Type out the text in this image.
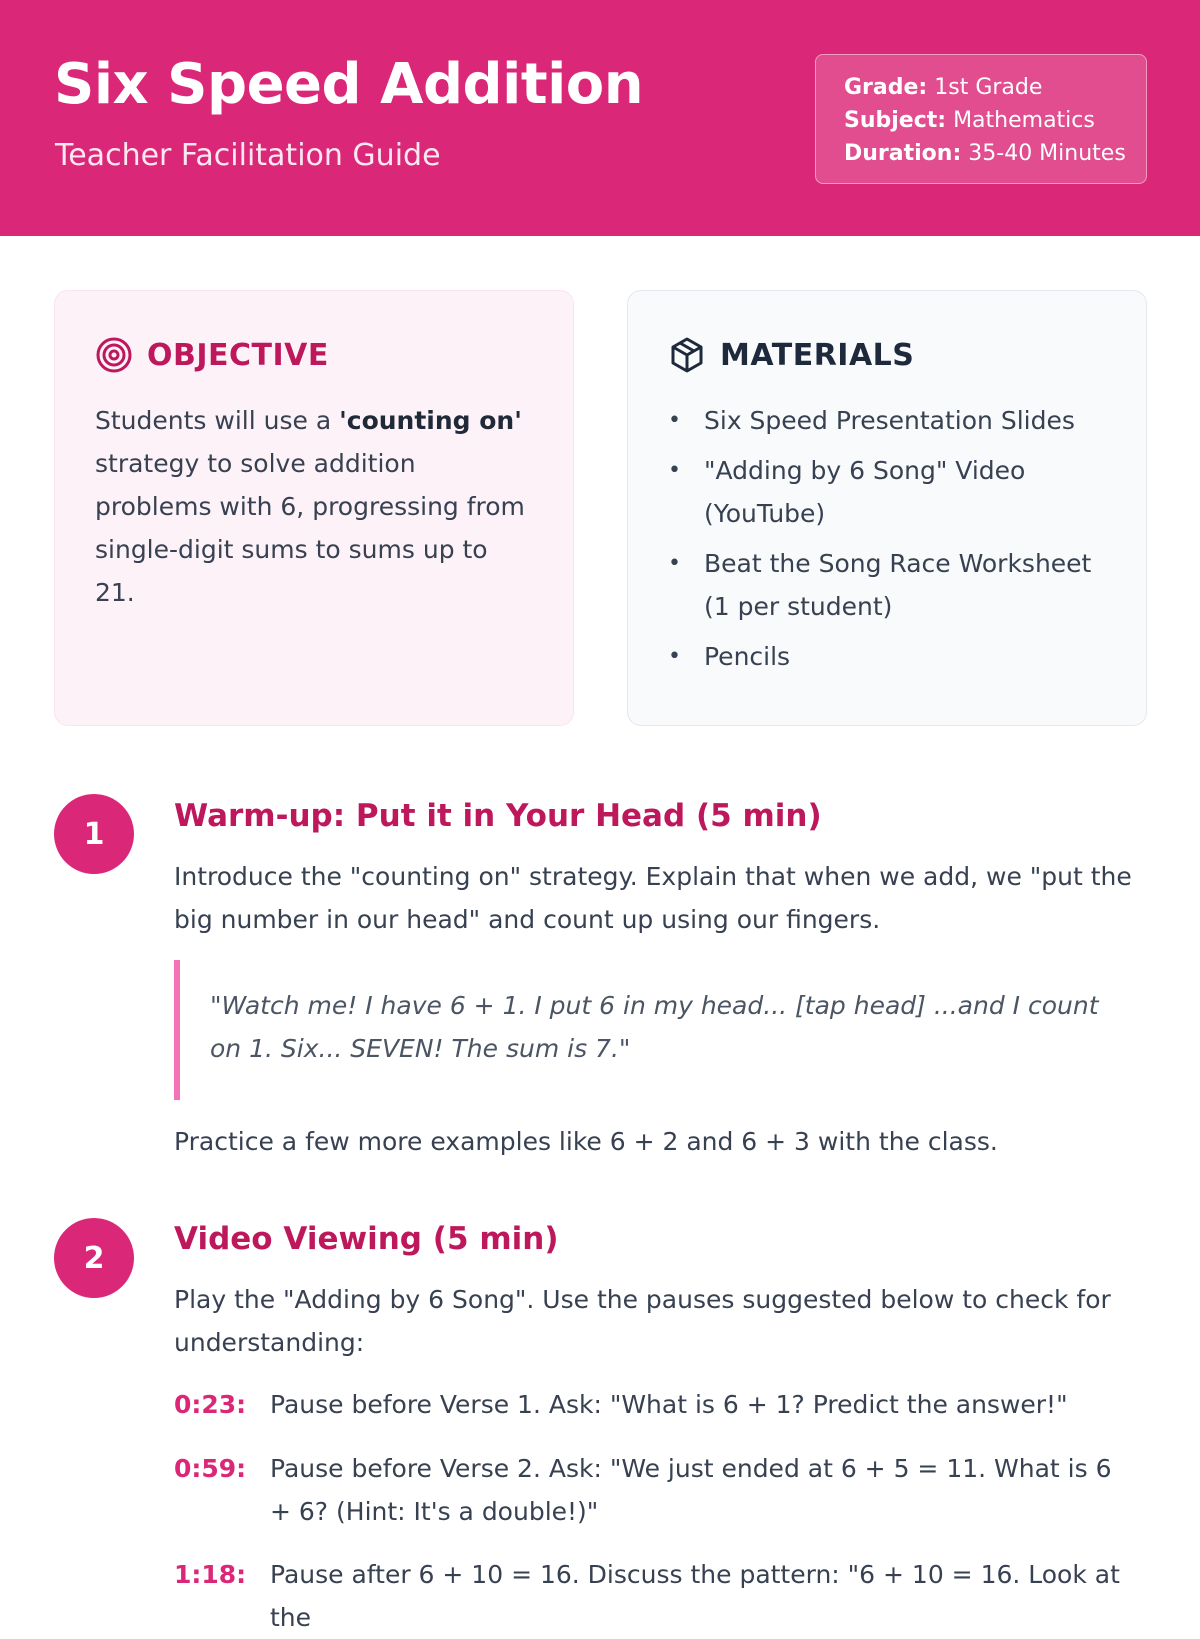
Six Speed Addition
Teacher Facilitation Guide
Grade: 1st Grade
Subject: Mathematics
Duration: 35-40 Minutes
OBJECTIVE
Students will use a 'counting on' strategy to solve addition problems with 6, progressing from single-digit sums to sums up to 21.
MATERIALS
• Six Speed Presentation Slides
• "Adding by 6 Song" Video (YouTube)
• Beat the Song Race Worksheet (1 per student)
• Pencils
1	Warm-up: Put it in Your Head (5 min)
Introduce the "counting on" strategy. Explain that when we add, we "put the big number in our head" and count up using our fingers.
"Watch me! I have 6 + 1. I put 6 in my head... [tap head] ...and I count on 1. Six... SEVEN! The sum is 7."
Practice a few more examples like 6 + 2 and 6 + 3 with the class.
2
Video Viewing (5 min)
Play the "Adding by 6 Song". Use the pauses suggested below to check for understanding:
0:23: Pause before Verse 1. Ask: "What is 6 + 1? Predict the answer!"
0:59: Pause before Verse 2. Ask: "We just ended at 6 + 5 = 11. What is 6 + 6? (Hint: It's a double!)"
1:18: Pause after 6 + 10 = 16. Discuss the pattern: "6 + 10 = 16. Look at the
